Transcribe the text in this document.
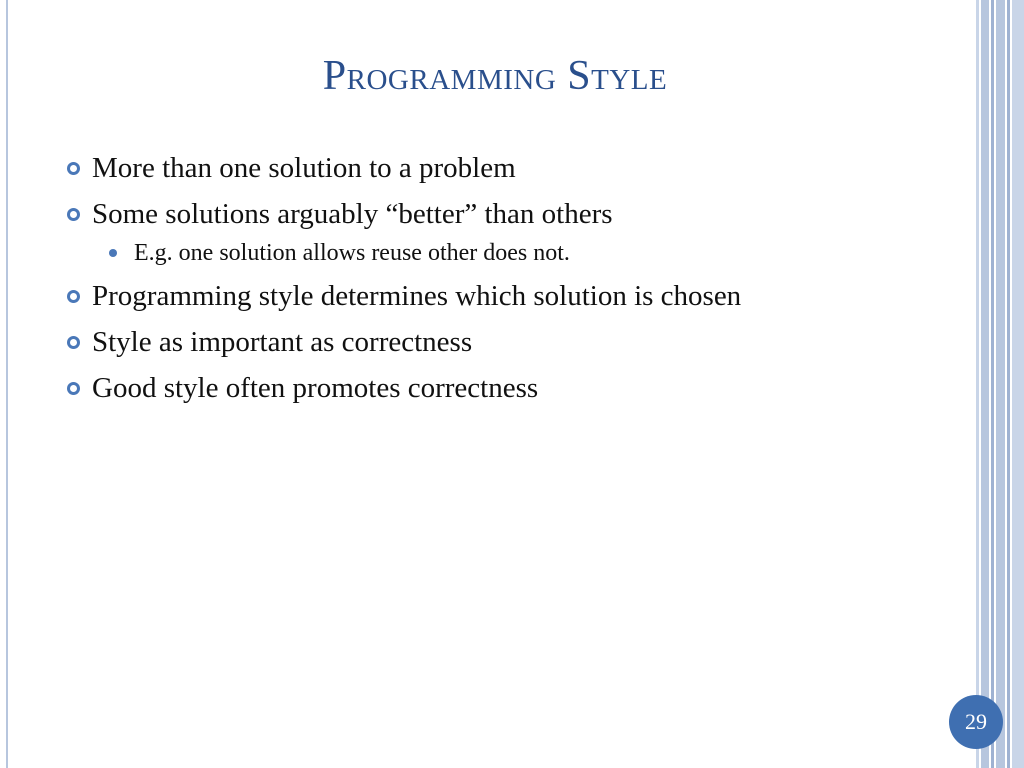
Programming Style
More than one solution to a problem
Some solutions arguably “better” than others
E.g. one solution allows reuse other does not.
Programming style determines which solution is chosen
Style as important as correctness
Good style often promotes correctness
29
